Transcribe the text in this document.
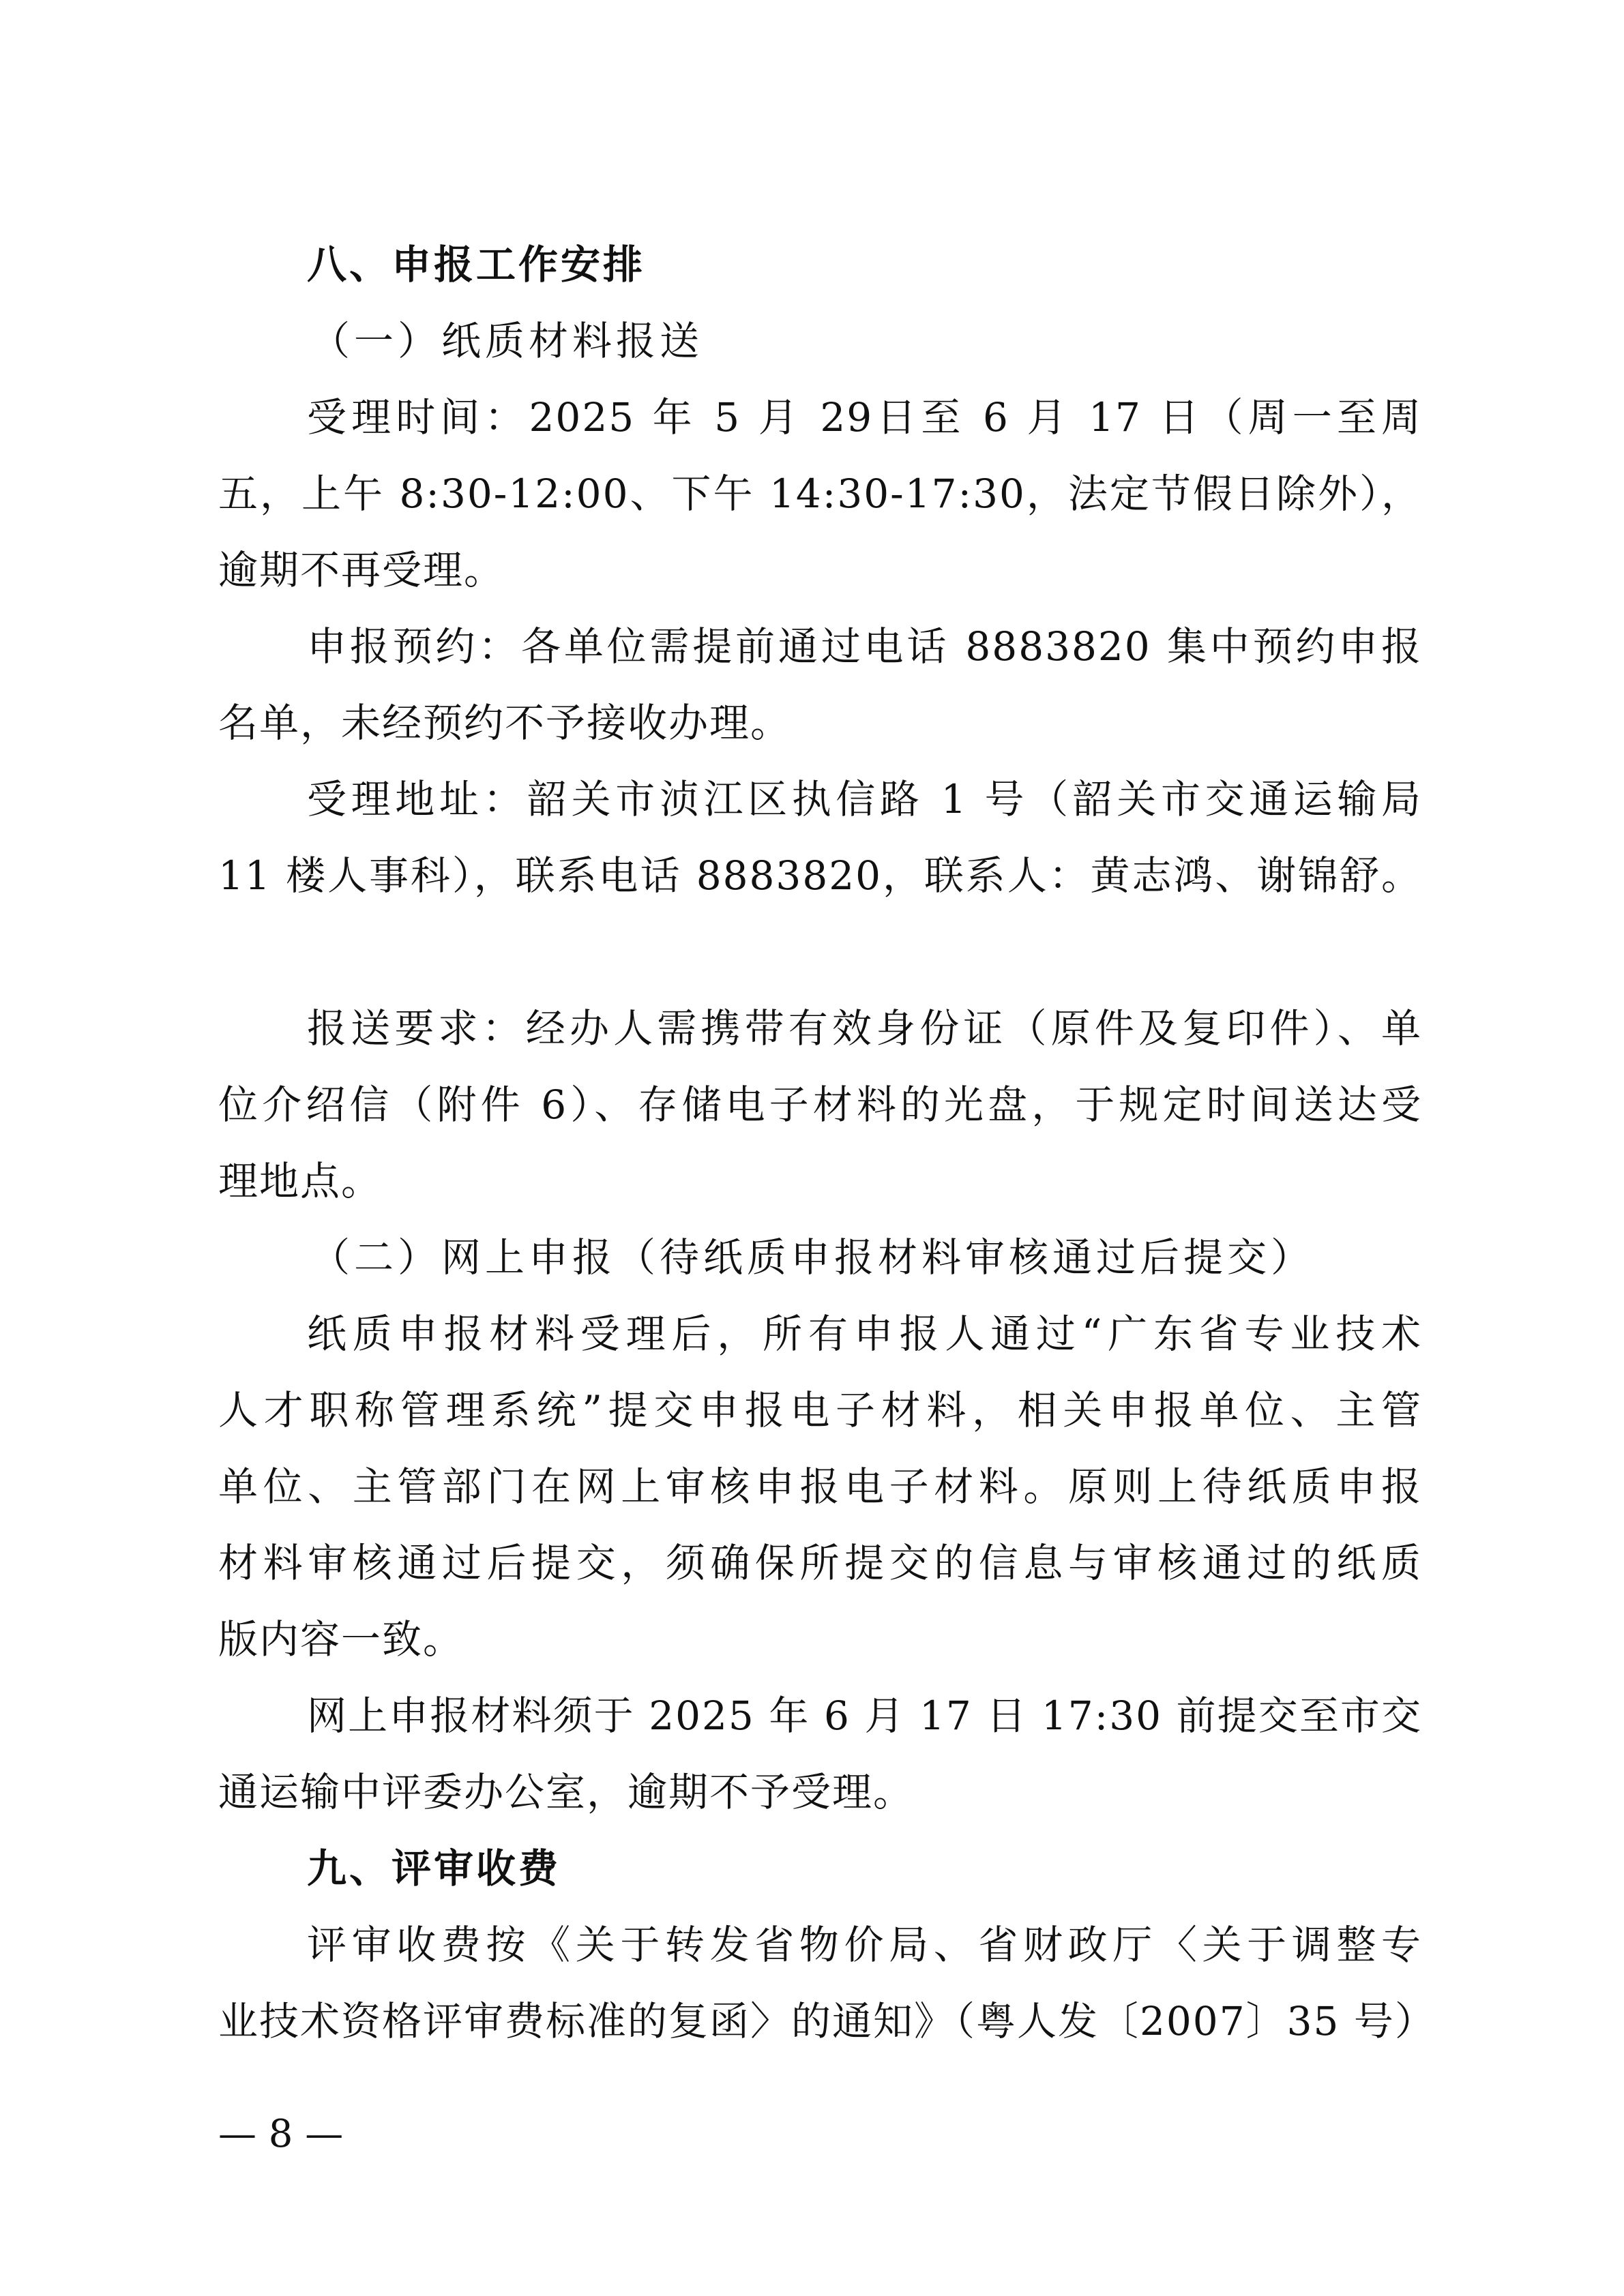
八、申报工作安排
（一）纸质材料报送
受理时间：2025 年 5 月 29日至 6 月 17 日（周一至周
五，上午 8:30-12:00、下午 14:30-17:30，法定节假日除外），
逾期不再受理。
申报预约：各单位需提前通过电话 8883820 集中预约申报
名单，未经预约不予接收办理。
受理地址：韶关市浈江区执信路 1 号（韶关市交通运输局
11 楼人事科），联系电话 8883820，联系人：黄志鸿、谢锦舒。
报送要求：经办人需携带有效身份证（原件及复印件）、单
位介绍信（附件 6）、存储电子材料的光盘，于规定时间送达受
理地点。
（二）网上申报（待纸质申报材料审核通过后提交）
纸质申报材料受理后，所有申报人通过“广东省专业技术
人才职称管理系统”提交申报电子材料，相关申报单位、主管
单位、主管部门在网上审核申报电子材料。原则上待纸质申报
材料审核通过后提交，须确保所提交的信息与审核通过的纸质
版内容一致。
网上申报材料须于 2025 年 6 月 17 日 17:30 前提交至市交
通运输中评委办公室，逾期不予受理。
九、评审收费
评审收费按《关于转发省物价局、省财政厅〈关于调整专
业技术资格评审费标准的复函〉的通知》（粤人发〔2007〕35 号）
— 8 —
